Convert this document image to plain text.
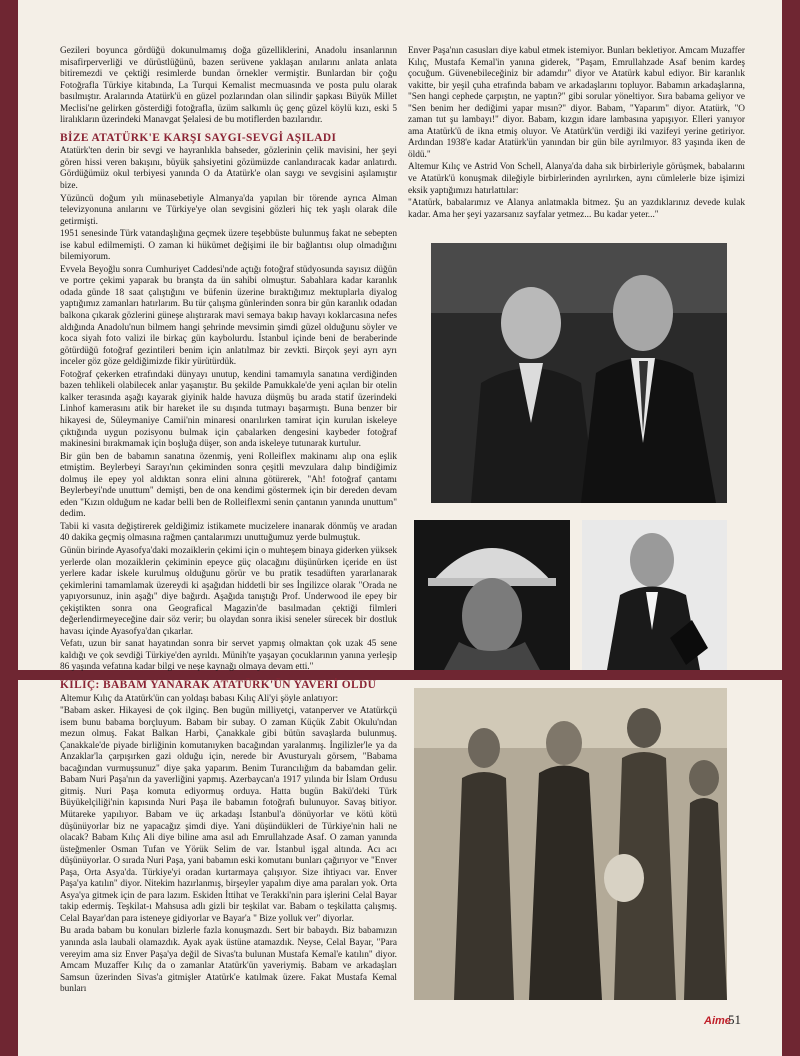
Gezileri boyunca gördüğü dokunulmamış doğa güzelliklerini, Anadolu insanlarının misafirperverliği ve dürüstlüğünü, bazen serüvene yaklaşan anılarını anlata anlata bitiremezdi ve çektiği resimlerde bundan örnekler vermiştir. Bunlardan bir çoğu Fotoğrafla Türkiye kitabında, La Turqui Kemalist mecmuasında ve posta pulu olarak basılmıştır. Aralarında Atatürk'ü en güzel pozlarından olan silindir şapkası Büyük Millet Meclisi'ne gelirken gösterdiği fotoğrafla, üzüm salkımlı üç genç güzel köylü kızı, eski 5 liralıkların üzerindeki Manavgat Şelalesi de bu motiflerden bazılarıdır.

BİZE ATATÜRK'E KARŞI SAYGI-SEVGİ AŞILADI

Atatürk'ten derin bir sevgi ve hayranlıkla bahseder, gözlerinin çelik mavisini, her şeyi gören hissi veren bakışını, büyük şahsiyetini gözümüzde canlandıracak kadar anlatırdı. Gördüğümüz okul terbiyesi yanında O da Atatürk'e olan saygı ve sevgisini aşılamıştır bize.

Yüzüncü doğum yılı münasebetiyle Almanya'da yapılan bir törende ayrıca Alman televizyonuna anılarını ve Türkiye'ye olan sevgisini gözleri hiç tek yaşlı olarak dile getirmişti.

1951 senesinde Türk vatandaşlığına geçmek üzere teşebbüste bulunmuş fakat ne sebepten ise kabul edilmemişti. O zaman ki hükümet değişimi ile bir bağlantısı olup olmadığını bilemiyorum.

Evvela Beyoğlu sonra Cumhuriyet Caddesi'nde açtığı fotoğraf stüdyosunda sayısız düğün ve portre çekimi yaparak bu branşta da ün sahibi olmuştur. Sabahlara kadar karanlık odada günde 18 saat çalıştığını ve büfenin üzerine bıraktığımız mektuplarla diyalog yaptığımız zamanları hatırlarım. Bu tür çalışma günlerinden sonra bir gün karanlık odadan balkona çıkarak gözlerini güneşe alıştırarak mavi semaya bakıp havayı koklarcasına nefes aldığında Anadolu'nun bilmem hangi şehrinde mevsimin şimdi güzel olduğunu söyler ve koca siyah foto valizi ile birkaç gün kaybolurdu. İstanbul içinde beni de beraberinde götürdüğü fotoğraf gezintileri benim için anlatılmaz bir zevkti. Birçok şeyi ayrı ayrı inceler göz göze geldiğimizde fikir yürütürdük.

Fotoğraf çekerken etrafındaki dünyayı unutup, kendini tamamıyla sanatına verdiğinden bazen tehlikeli olabilecek anlar yaşanıştır. Bu şekilde Pamukkale'de yeni açılan bir otelin kalker terasında aşağı kayarak giyinik halde havuza düşmüş bu arada statif üzerindeki Linhof kamerasını atik bir hareket ile su dışında tutmayı başarmıştı. Buna benzer bir hikayesi de, Süleymaniye Camii'nin minaresi onarılırken tamirat için kurulan iskeleye çıktığında uygun pozisyonu bulmak için çabalarken dengesini kaybeder fotoğraf makinesini bırakmamak için boşluğa düşer, son anda iskeleye tutunarak kurtulur.

Bir gün ben de babamın sanatına özenmiş, yeni Rolleiflex makinamı alıp ona eşlik etmiştim. Beylerbeyi Sarayı'nın çekiminden sonra çeşitli mevzulara dalıp bindiğimiz dolmuş ile epey yol aldıktan sonra elini alnına götürerek, "Ah! fotoğraf çantamı Beylerbeyi'nde unuttum" demişti, ben de ona kendimi göstermek için bir dereden devam eden "Kızın olduğum ne kadar belli ben de Rolleiflexmi senin çantanın yanında unuttum" dedim.

Tabii ki vasıta değiştirerek geldiğimiz istikamete mucizelere inanarak dönmüş ve aradan 40 dakika geçmiş olmasına rağmen çantalarımızı unuttuğumuz yerde bulmuştuk.

Günün birinde Ayasofya'daki mozaiklerin çekimi için o muhteşem binaya giderken yüksek yerlerde olan mozaiklerin çekiminin epeyce güç olacağını düşünürken içeride en üst yerlere kadar iskele kurulmuş olduğunu görür ve bu pratik tesadüften yararlanarak çekimlerini tamamlamak üzereydi ki aşağıdan hiddetli bir ses İngilizce olarak "Orada ne yapıyorsunuz, inin aşağı" diye bağırdı. Aşağıda tanıştığı Prof. Underwood ile epey bir çekiştikten sonra ona Geografical Magazin'de basılmadan çektiği filmleri değerlendirmeyeceğine dair söz verir; bu olaydan sonra ikisi seneler sürecek bir dostluk havası içinde Ayasofya'dan çıkarlar.

Vefatı, uzun bir sanat hayatından sonra bir servet yapmış olmaktan çok uzak 45 sene kaldığı ve çok sevdiği Türkiye'den ayrıldı. Münih'te yaşayan çocuklarının yanına yerleşip 86 yaşında vefatına kadar bilgi ve neşe kaynağı olmaya devam etti."

KILIÇ: BABAM YANARAK ATATÜRK'ÜN YAVERİ OLDU

Altemur Kılıç da Atatürk'ün can yoldaşı babası Kılıç Ali'yi şöyle anlatıyor:

"Babam asker. Hikayesi de çok ilginç. Ben bugün milliyetçi, vatanperver ve Atatürkçü isem bunu babama borçluyum. Babam bir subay. O zaman Küçük Zabit Okulu'ndan mezun olmuş. Fakat Balkan Harbi, Çanakkale gibi bütün savaşlarda bulunmuş. Çanakkale'de piyade birliğinin komutanıyken bacağından yaralanmış. İngilizler'le ya da Anzaklar'la çarpışırken gazi olduğu için, nerede bir Avusturyalı görsem, "Babama bacağından vurmuşsunuz" diye şaka yaparım. Benim Turancılığım da babamdan gelir. Babam Nuri Paşa'nın da yaverliğini yapmış. Azerbaycan'a 1917 yılında bir İslam Ordusu gitmiş. Nuri Paşa komuta ediyormuş orduya. Hatta bugün Bakü'deki Türk Büyükelçiliği'nin kapısında Nuri Paşa ile babamın fotoğrafı bulunuyor. Savaş bitiyor. Mütareke yapılıyor. Babam ve üç arkadaşı İstanbul'a dönüyorlar ve kötü kötü düşünüyorlar biz ne yapacağız şimdi diye. Yani düşündükleri de Türkiye'nin hali ne olacak? Babam Kılıç Ali diye biline ama asıl adı Emrullahzade Asaf. O zaman yanında üsteğmenler Osman Tufan ve Yörük Selim de var. İstanbul işgal altında. Acı acı düşünüyorlar. O sırada Nuri Paşa, yani babamın eski komutanı bunları çağırıyor ve "Enver Paşa, Orta Asya'da. Türkiye'yi oradan kurtarmaya çalışıyor. Size ihtiyacı var. Enver Paşa'ya katılın" diyor. Nitekim hazırlanmış, birşeyler yapalım diye ama paraları yok. Orta Asya'ya gitmek için de para lazım. Eskiden İttihat ve Terakki'nin para işlerini Celal Bayar takip edermiş. Teşkilat-ı Mahsusa adlı gizli bir teşkilat var. Babam o teşkilatta çalışmış. Celal Bayar'dan para isteneye gidiyorlar ve Bayar'a " Bize yolluk ver" diyorlar.

Bu arada babam bu konuları bizlerle fazla konuşmazdı. Sert bir babaydı. Biz babamızın yanında asla laubali olamazdık. Ayak ayak üstüne atamazdık. Neyse, Celal Bayar, "Para vereyim ama siz Enver Paşa'ya değil de Sivas'ta bulunan Mustafa Kemal'e katılın" diyor. Amcam Muzaffer Kılıç da o zamanlar Atatürk'ün yaveriymiş. Babam ve arkadaşları Samsun üzerinden Sivas'a gitmişler Atatürk'e katılmak üzere. Fakat Mustafa Kemal bunları

Enver Paşa'nın casusları diye kabul etmek istemiyor. Bunları bekletiyor. Amcam Muzaffer Kılıç, Mustafa Kemal'in yanına giderek, "Paşam, Emrullahzade Asaf benim kardeş çocuğum. Güvenebileceğiniz bir adamdır" diyor ve Atatürk kabul ediyor. Bir karanlık vakitte, bir yeşil çuha etrafında babam ve arkadaşlarını topluyor. Babamın arkadaşlarına, "Sen hangi cephede çarpıştın, ne yaptın?" gibi sorular yöneltiyor. Sıra babama geliyor ve "Sen benim her dediğimi yapar mısın?" diyor. Babam, "Yaparım" diyor. Atatürk, "O zaman tut şu lambayı!" diyor. Babam, kızgın idare lambasına yapışıyor. Elleri yanıyor ama Atatürk'ü de ikna etmiş oluyor. Ve Atatürk'ün verdiği iki vazifeyi yerine getiriyor. Ardından 1938'e kadar Atatürk'ün yanından bir gün bile ayrılmıyor. 83 yaşında iken de öldü."

Altemur Kılıç ve Astrid Von Schell, Alanya'da daha sık birbirleriyle görüşmek, babalarını ve Atatürk'ü konuşmak dileğiyle birbirlerinden ayrılırken, aynı cümlelerle bize işimizi eksik yaptığımızı hatırlattılar:

"Atatürk, babalarımız ve Alanya anlatmakla bitmez. Şu an yazdıklarınız devede kulak kadar. Ama her şeyi yazarsanız sayfalar yetmez... Bu kadar yeter..."

Aime
51
